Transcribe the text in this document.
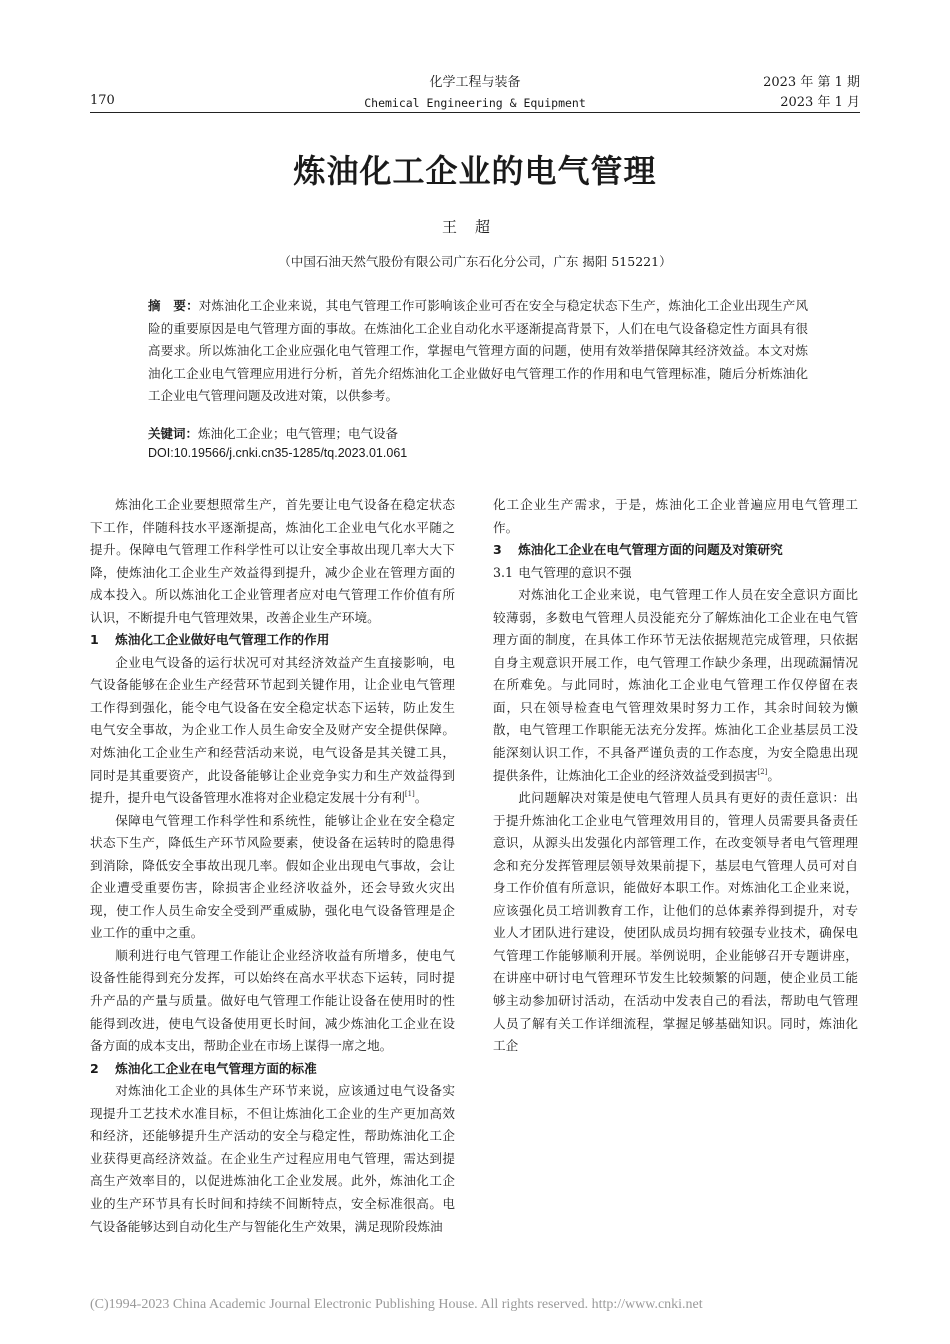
170
化学工程与装备
Chemical Engineering & Equipment
2023 年 第 1 期
2023 年 1 月
炼油化工企业的电气管理
王超
（中国石油天然气股份有限公司广东石化分公司，广东 揭阳 515221）
摘　要：对炼油化工企业来说，其电气管理工作可影响该企业可否在安全与稳定状态下生产，炼油化工企业出现生产风险的重要原因是电气管理方面的事故。在炼油化工企业自动化水平逐渐提高背景下，人们在电气设备稳定性方面具有很高要求。所以炼油化工企业应强化电气管理工作，掌握电气管理方面的问题，使用有效举措保障其经济效益。本文对炼油化工企业电气管理应用进行分析，首先介绍炼油化工企业做好电气管理工作的作用和电气管理标准，随后分析炼油化工企业电气管理问题及改进对策，以供参考。
关键词：炼油化工企业；电气管理；电气设备
DOI:10.19566/j.cnki.cn35-1285/tq.2023.01.061

炼油化工企业要想照常生产，首先要让电气设备在稳定状态下工作，伴随科技水平逐渐提高，炼油化工企业电气化水平随之提升。保障电气管理工作科学性可以让安全事故出现几率大大下降，使炼油化工企业生产效益得到提升，减少企业在管理方面的成本投入。所以炼油化工企业管理者应对电气管理工作价值有所认识，不断提升电气管理效果，改善企业生产环境。

1 炼油化工企业做好电气管理工作的作用

企业电气设备的运行状况可对其经济效益产生直接影响，电气设备能够在企业生产经营环节起到关键作用，让企业电气管理工作得到强化，能令电气设备在安全稳定状态下运转，防止发生电气安全事故，为企业工作人员生命安全及财产安全提供保障。对炼油化工企业生产和经营活动来说，电气设备是其关键工具，同时是其重要资产，此设备能够让企业竞争实力和生产效益得到提升，提升电气设备管理水准将对企业稳定发展十分有利[1]。

保障电气管理工作科学性和系统性，能够让企业在安全稳定状态下生产，降低生产环节风险要素，使设备在运转时的隐患得到消除，降低安全事故出现几率。假如企业出现电气事故，会让企业遭受重要伤害，除损害企业经济收益外，还会导致火灾出现，使工作人员生命安全受到严重威胁，强化电气设备管理是企业工作的重中之重。

顺利进行电气管理工作能让企业经济收益有所增多，使电气设备性能得到充分发挥，可以始终在高水平状态下运转，同时提升产品的产量与质量。做好电气管理工作能让设备在使用时的性能得到改进，使电气设备使用更长时间，减少炼油化工企业在设备方面的成本支出，帮助企业在市场上谋得一席之地。

2 炼油化工企业在电气管理方面的标准

对炼油化工企业的具体生产环节来说，应该通过电气设备实现提升工艺技术水准目标，不但让炼油化工企业的生产更加高效和经济，还能够提升生产活动的安全与稳定性，帮助炼油化工企业获得更高经济效益。在企业生产过程应用电气管理，需达到提高生产效率目的，以促进炼油化工企业发展。此外，炼油化工企业的生产环节具有长时间和持续不间断特点，安全标准很高。电气设备能够达到自动化生产与智能化生产效果，满足现阶段炼油

化工企业生产需求，于是，炼油化工企业普遍应用电气管理工作。

3 炼油化工企业在电气管理方面的问题及对策研究
3.1 电气管理的意识不强

对炼油化工企业来说，电气管理工作人员在安全意识方面比较薄弱，多数电气管理人员没能充分了解炼油化工企业在电气管理方面的制度，在具体工作环节无法依据规范完成管理，只依据自身主观意识开展工作，电气管理工作缺少条理，出现疏漏情况在所难免。与此同时，炼油化工企业电气管理工作仅停留在表面，只在领导检查电气管理效果时努力工作，其余时间较为懒散，电气管理工作职能无法充分发挥。炼油化工企业基层员工没能深刻认识工作，不具备严谨负责的工作态度，为安全隐患出现提供条件，让炼油化工企业的经济效益受到损害[2]。

此问题解决对策是使电气管理人员具有更好的责任意识：出于提升炼油化工企业电气管理效用目的，管理人员需要具备责任意识，从源头出发强化内部管理工作，在改变领导者电气管理理念和充分发挥管理层领导效果前提下，基层电气管理人员可对自身工作价值有所意识，能做好本职工作。对炼油化工企业来说，应该强化员工培训教育工作，让他们的总体素养得到提升，对专业人才团队进行建设，使团队成员均拥有较强专业技术，确保电气管理工作能够顺利开展。举例说明，企业能够召开专题讲座，在讲座中研讨电气管理环节发生比较频繁的问题，使企业员工能够主动参加研讨活动，在活动中发表自己的看法，帮助电气管理人员了解有关工作详细流程，掌握足够基础知识。同时，炼油化工企

(C)1994-2023 China Academic Journal Electronic Publishing House. All rights reserved. http://www.cnki.net
